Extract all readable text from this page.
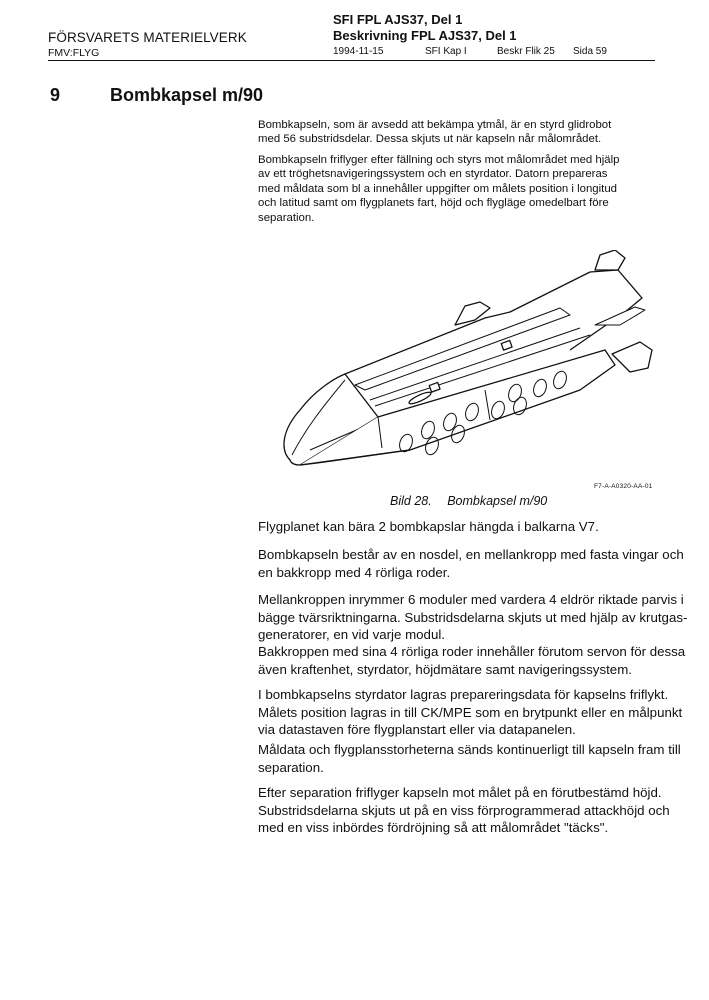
FÖRSVARETS MATERIELVERK
FMV:FLYG
SFI FPL AJS37, Del 1
Beskrivning FPL AJS37, Del 1
1994-11-15	SFI Kap I	Beskr Flik 25 Sida 59
9	Bombkapsel m/90
Bombkapseln, som är avsedd att bekämpa ytmål, är en styrd glidrobot
med 56 substridsdelar. Dessa skjuts ut när kapseln når målområdet.
Bombkapseln friflyger efter fällning och styrs mot målområdet med hjälp
av ett tröghetsnavigeringssystem och en styrdator. Datorn prepareras
med måldata som bl a innehåller uppgifter om målets position i longitud
och latitud samt om flygplanets fart, höjd och flygläge omedelbart före
separation.
F7-A-A0320-AA-01
Bild 28. Bombkapsel m/90
Flygplanet kan bära 2 bombkapslar hängda i balkarna V7.
Bombkapseln består av en nosdel, en mellankropp med fasta vingar och
en bakkropp med 4 rörliga roder.
Mellankroppen inrymmer 6 moduler med vardera 4 eldrör riktade parvis i
bägge tvärsriktningarna. Substridsdelarna skjuts ut med hjälp av krutgas-
generatorer, en vid varje modul.
Bakkroppen med sina 4 rörliga roder innehåller förutom servon för dessa
även kraftenhet, styrdator, höjdmätare samt navigeringssystem.
I bombkapselns styrdator lagras prepareringsdata för kapselns friflykt.
Målets position lagras in till CK/MPE som en brytpunkt eller en målpunkt
via datastaven före flygplanstart eller via datapanelen.
Måldata och flygplansstorheterna sänds kontinuerligt till kapseln fram till
separation.
Efter separation friflyger kapseln mot målet på en förutbestämd höjd.
Substridsdelarna skjuts ut på en viss förprogrammerad attackhöjd och
med en viss inbördes fördröjning så att målområdet "täcks".
